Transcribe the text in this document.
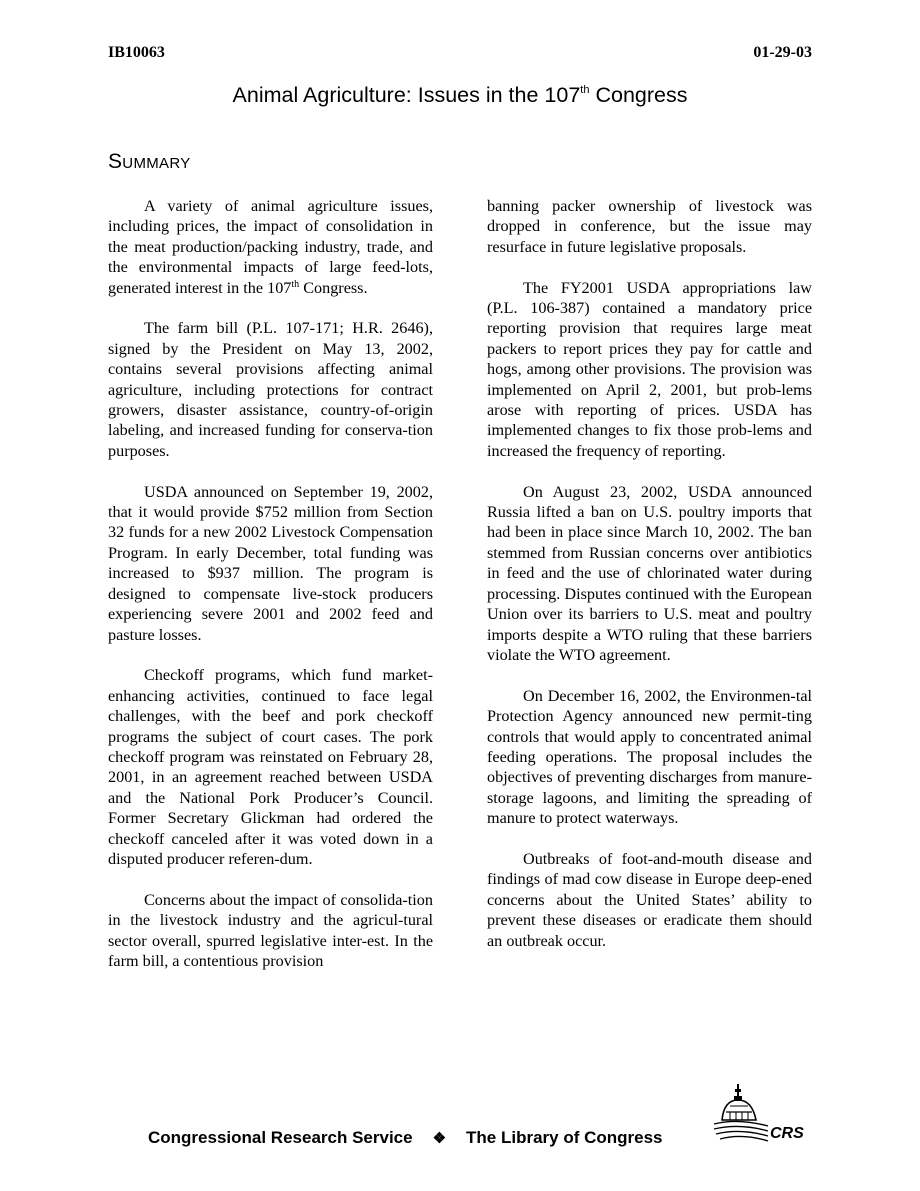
IB10063	01-29-03
Animal Agriculture: Issues in the 107th Congress
Summary

A variety of animal agriculture issues, including prices, the impact of consolidation in the meat production/packing industry, trade, and the environmental impacts of large feed-lots, generated interest in the 107th Congress.

The farm bill (P.L. 107-171; H.R. 2646), signed by the President on May 13, 2002, contains several provisions affecting animal agriculture, including protections for contract growers, disaster assistance, country-of-origin labeling, and increased funding for conserva-tion purposes.

USDA announced on September 19, 2002, that it would provide $752 million from Section 32 funds for a new 2002 Livestock Compensation Program. In early December, total funding was increased to $937 million. The program is designed to compensate live-stock producers experiencing severe 2001 and 2002 feed and pasture losses.

Checkoff programs, which fund market-enhancing activities, continued to face legal challenges, with the beef and pork checkoff programs the subject of court cases. The pork checkoff program was reinstated on February 28, 2001, in an agreement reached between USDA and the National Pork Producer’s Council. Former Secretary Glickman had ordered the checkoff canceled after it was voted down in a disputed producer referen-dum.

Concerns about the impact of consolida-tion in the livestock industry and the agricul-tural sector overall, spurred legislative inter-est. In the farm bill, a contentious provision

banning packer ownership of livestock was dropped in conference, but the issue may resurface in future legislative proposals.

The FY2001 USDA appropriations law (P.L. 106-387) contained a mandatory price reporting provision that requires large meat packers to report prices they pay for cattle and hogs, among other provisions. The provision was implemented on April 2, 2001, but prob-lems arose with reporting of prices. USDA has implemented changes to fix those prob-lems and increased the frequency of reporting.

On August 23, 2002, USDA announced Russia lifted a ban on U.S. poultry imports that had been in place since March 10, 2002. The ban stemmed from Russian concerns over antibiotics in feed and the use of chlorinated water during processing. Disputes continued with the European Union over its barriers to U.S. meat and poultry imports despite a WTO ruling that these barriers violate the WTO agreement.

On December 16, 2002, the Environmen-tal Protection Agency announced new permit-ting controls that would apply to concentrated animal feeding operations. The proposal includes the objectives of preventing discharges from manure-storage lagoons, and limiting the spreading of manure to protect waterways.

Outbreaks of foot-and-mouth disease and findings of mad cow disease in Europe deep-ened concerns about the United States’ ability to prevent these diseases or eradicate them should an outbreak occur.

Congressional Research Service ❖ The Library of Congress	CRS
